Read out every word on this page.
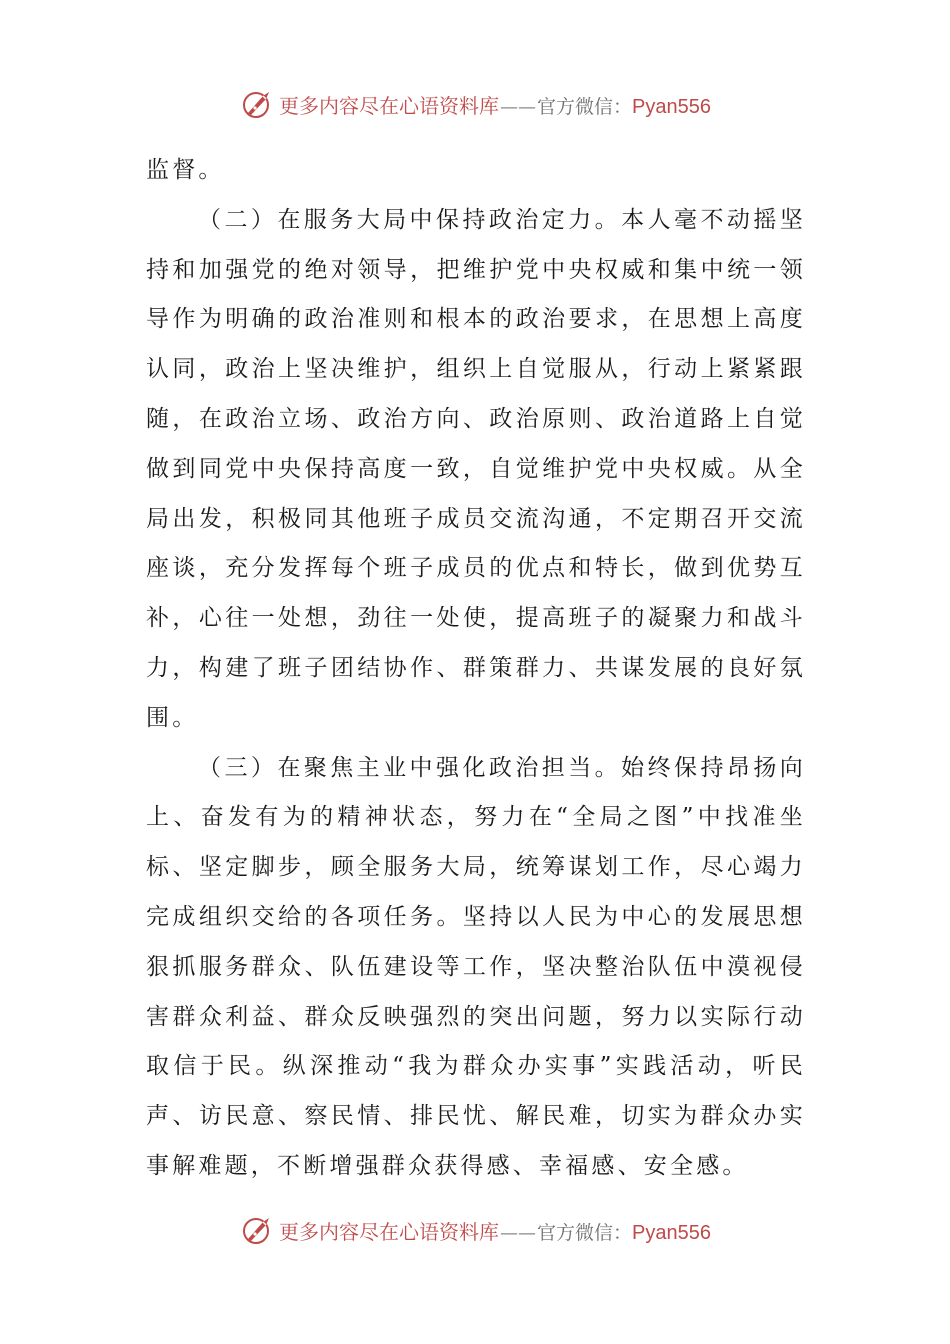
更多内容尽在心语资料库 —— 官方微信： Pyan556

监督。

（二）在服务大局中保持政治定力。本人毫不动摇坚持和加强党的绝对领导，把维护党中央权威和集中统一领导作为明确的政治准则和根本的政治要求，在思想上高度认同，政治上坚决维护，组织上自觉服从，行动上紧紧跟随，在政治立场、政治方向、政治原则、政治道路上自觉做到同党中央保持高度一致，自觉维护党中央权威。从全局出发，积极同其他班子成员交流沟通，不定期召开交流座谈，充分发挥每个班子成员的优点和特长，做到优势互补，心往一处想，劲往一处使，提高班子的凝聚力和战斗力，构建了班子团结协作、群策群力、共谋发展的良好氛围。

（三）在聚焦主业中强化政治担当。始终保持昂扬向上、奋发有为的精神状态，努力在“全局之图”中找准坐标、坚定脚步，顾全服务大局，统筹谋划工作，尽心竭力完成组织交给的各项任务。坚持以人民为中心的发展思想狠抓服务群众、队伍建设等工作，坚决整治队伍中漠视侵害群众利益、群众反映强烈的突出问题，努力以实际行动取信于民。纵深推动“我为群众办实事”实践活动，听民声、访民意、察民情、排民忧、解民难，切实为群众办实事解难题，不断增强群众获得感、幸福感、安全感。

更多内容尽在心语资料库 —— 官方微信： Pyan556
